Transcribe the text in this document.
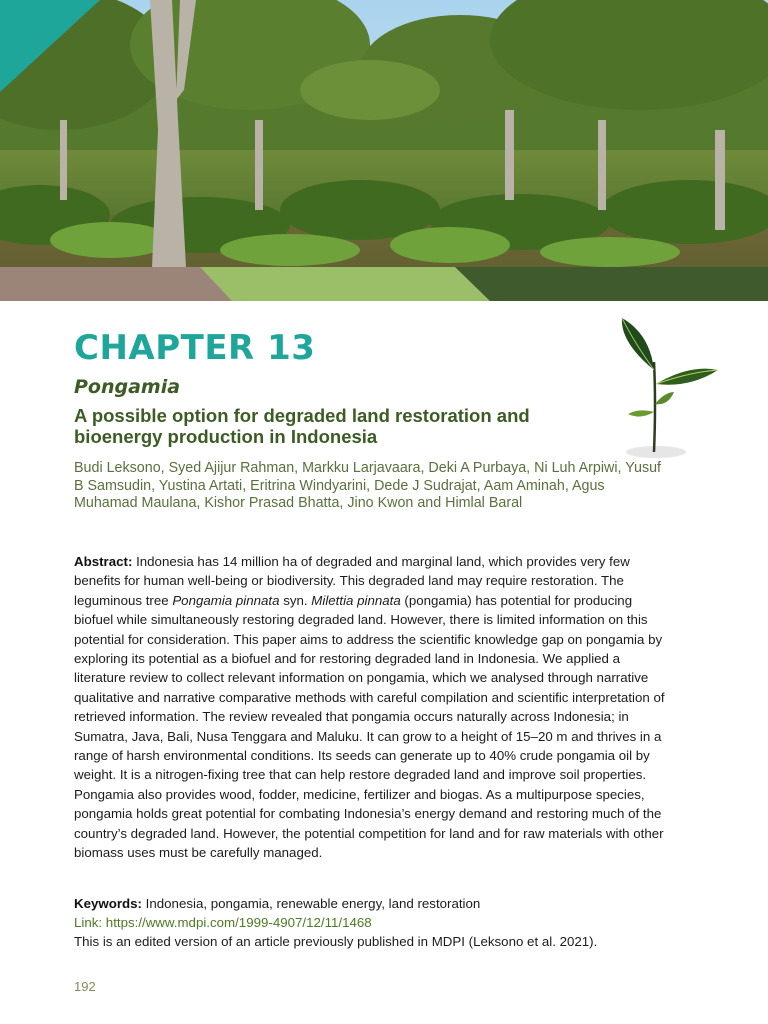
CHAPTER 13
Pongamia
A possible option for degraded land restoration and bioenergy production in Indonesia

Budi Leksono, Syed Ajijur Rahman, Markku Larjavaara, Deki A Purbaya, Ni Luh Arpiwi, Yusuf B Samsudin, Yustina Artati, Eritrina Windyarini, Dede J Sudrajat, Aam Aminah, Agus Muhamad Maulana, Kishor Prasad Bhatta, Jino Kwon and Himlal Baral

Abstract: Indonesia has 14 million ha of degraded and marginal land, which provides very few benefits for human well-being or biodiversity. This degraded land may require restoration. The leguminous tree Pongamia pinnata syn. Milettia pinnata (pongamia) has potential for producing biofuel while simultaneously restoring degraded land. However, there is limited information on this potential for consideration. This paper aims to address the scientific knowledge gap on pongamia by exploring its potential as a biofuel and for restoring degraded land in Indonesia. We applied a literature review to collect relevant information on pongamia, which we analysed through narrative qualitative and narrative comparative methods with careful compilation and scientific interpretation of retrieved information. The review revealed that pongamia occurs naturally across Indonesia; in Sumatra, Java, Bali, Nusa Tenggara and Maluku. It can grow to a height of 15–20 m and thrives in a range of harsh environmental conditions. Its seeds can generate up to 40% crude pongamia oil by weight. It is a nitrogen-fixing tree that can help restore degraded land and improve soil properties. Pongamia also provides wood, fodder, medicine, fertilizer and biogas. As a multipurpose species, pongamia holds great potential for combating Indonesia’s energy demand and restoring much of the country’s degraded land. However, the potential competition for land and for raw materials with other biomass uses must be carefully managed.

Keywords: Indonesia, pongamia, renewable energy, land restoration
Link: https://www.mdpi.com/1999-4907/12/11/1468
This is an edited version of an article previously published in MDPI (Leksono et al. 2021).
192
